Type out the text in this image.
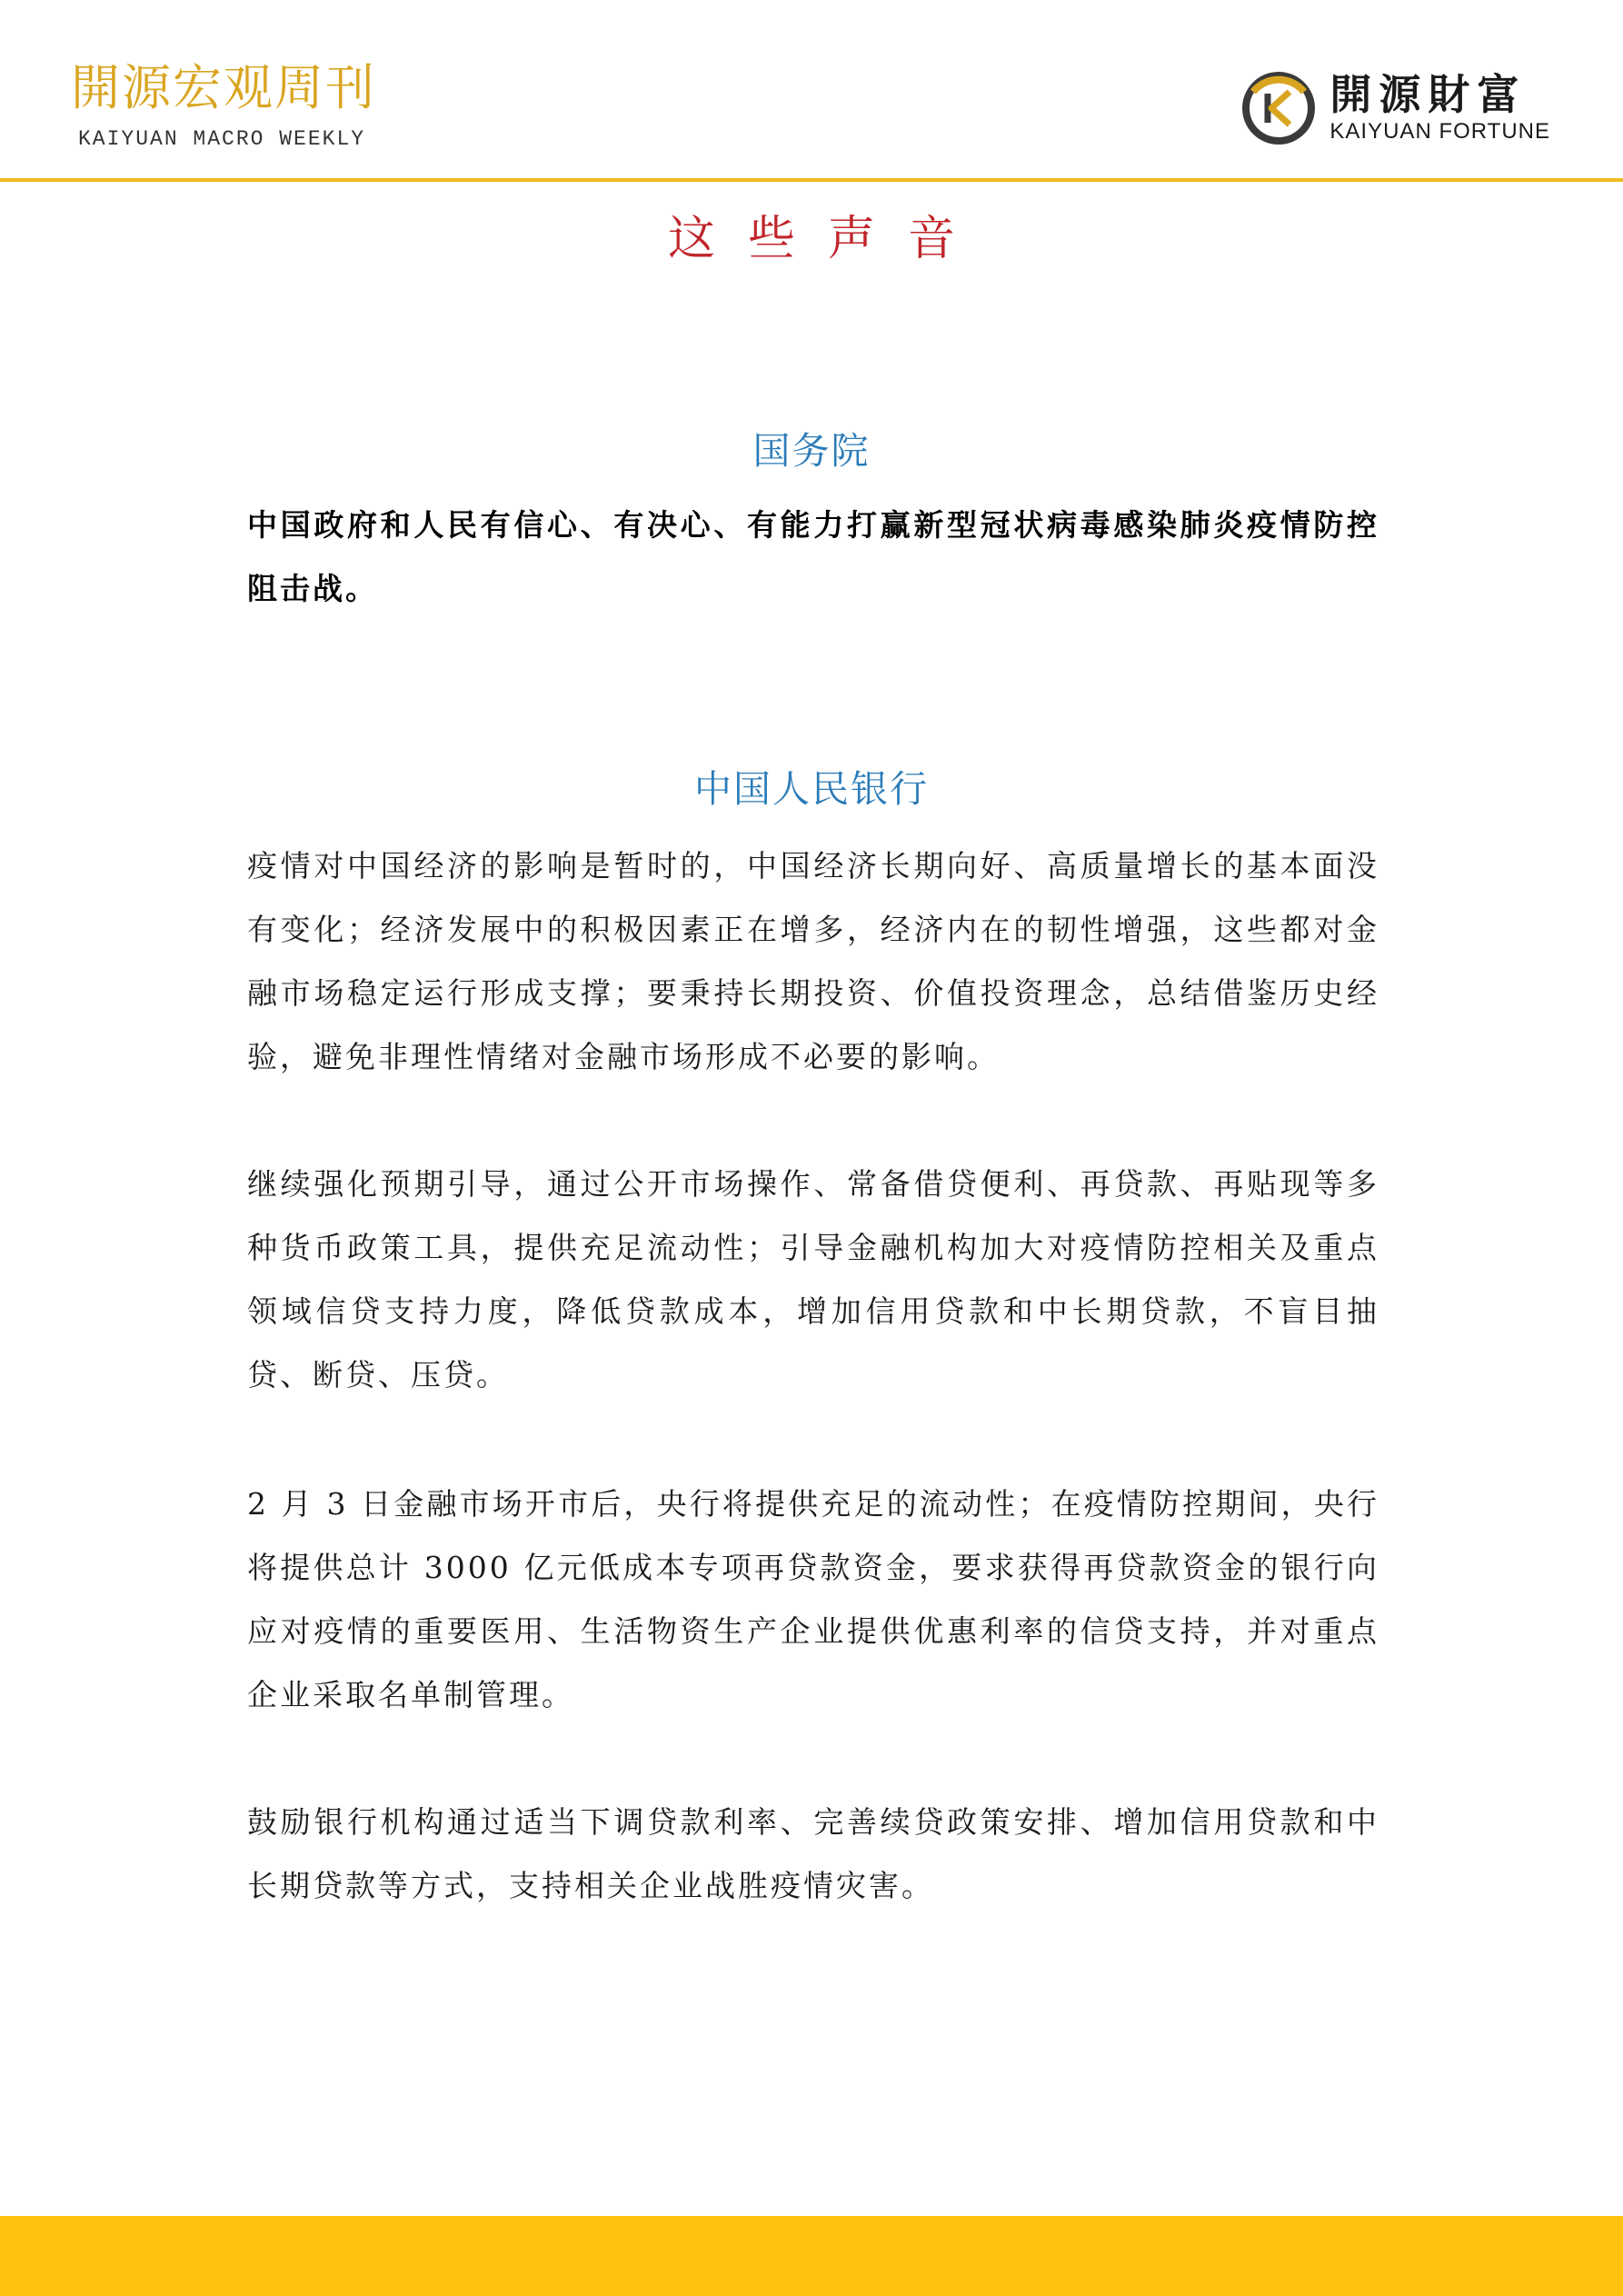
開源宏观周刊
KAIYUAN MACRO WEEKLY
開源財富
KAIYUAN FORTUNE
这些声音
国务院

中国政府和人民有信心、有决心、有能力打赢新型冠状病毒感染肺炎疫情防控阻击战。

中国人民银行

疫情对中国经济的影响是暂时的，中国经济长期向好、高质量增长的基本面没有变化；经济发展中的积极因素正在增多，经济内在的韧性增强，这些都对金融市场稳定运行形成支撑；要秉持长期投资、价值投资理念，总结借鉴历史经验，避免非理性情绪对金融市场形成不必要的影响。

继续强化预期引导，通过公开市场操作、常备借贷便利、再贷款、再贴现等多种货币政策工具，提供充足流动性；引导金融机构加大对疫情防控相关及重点领域信贷支持力度，降低贷款成本，增加信用贷款和中长期贷款，不盲目抽贷、断贷、压贷。

2 月 3 日金融市场开市后，央行将提供充足的流动性；在疫情防控期间，央行将提供总计 3000 亿元低成本专项再贷款资金，要求获得再贷款资金的银行向应对疫情的重要医用、生活物资生产企业提供优惠利率的信贷支持，并对重点企业采取名单制管理。

鼓励银行机构通过适当下调贷款利率、完善续贷政策安排、增加信用贷款和中长期贷款等方式，支持相关企业战胜疫情灾害。
